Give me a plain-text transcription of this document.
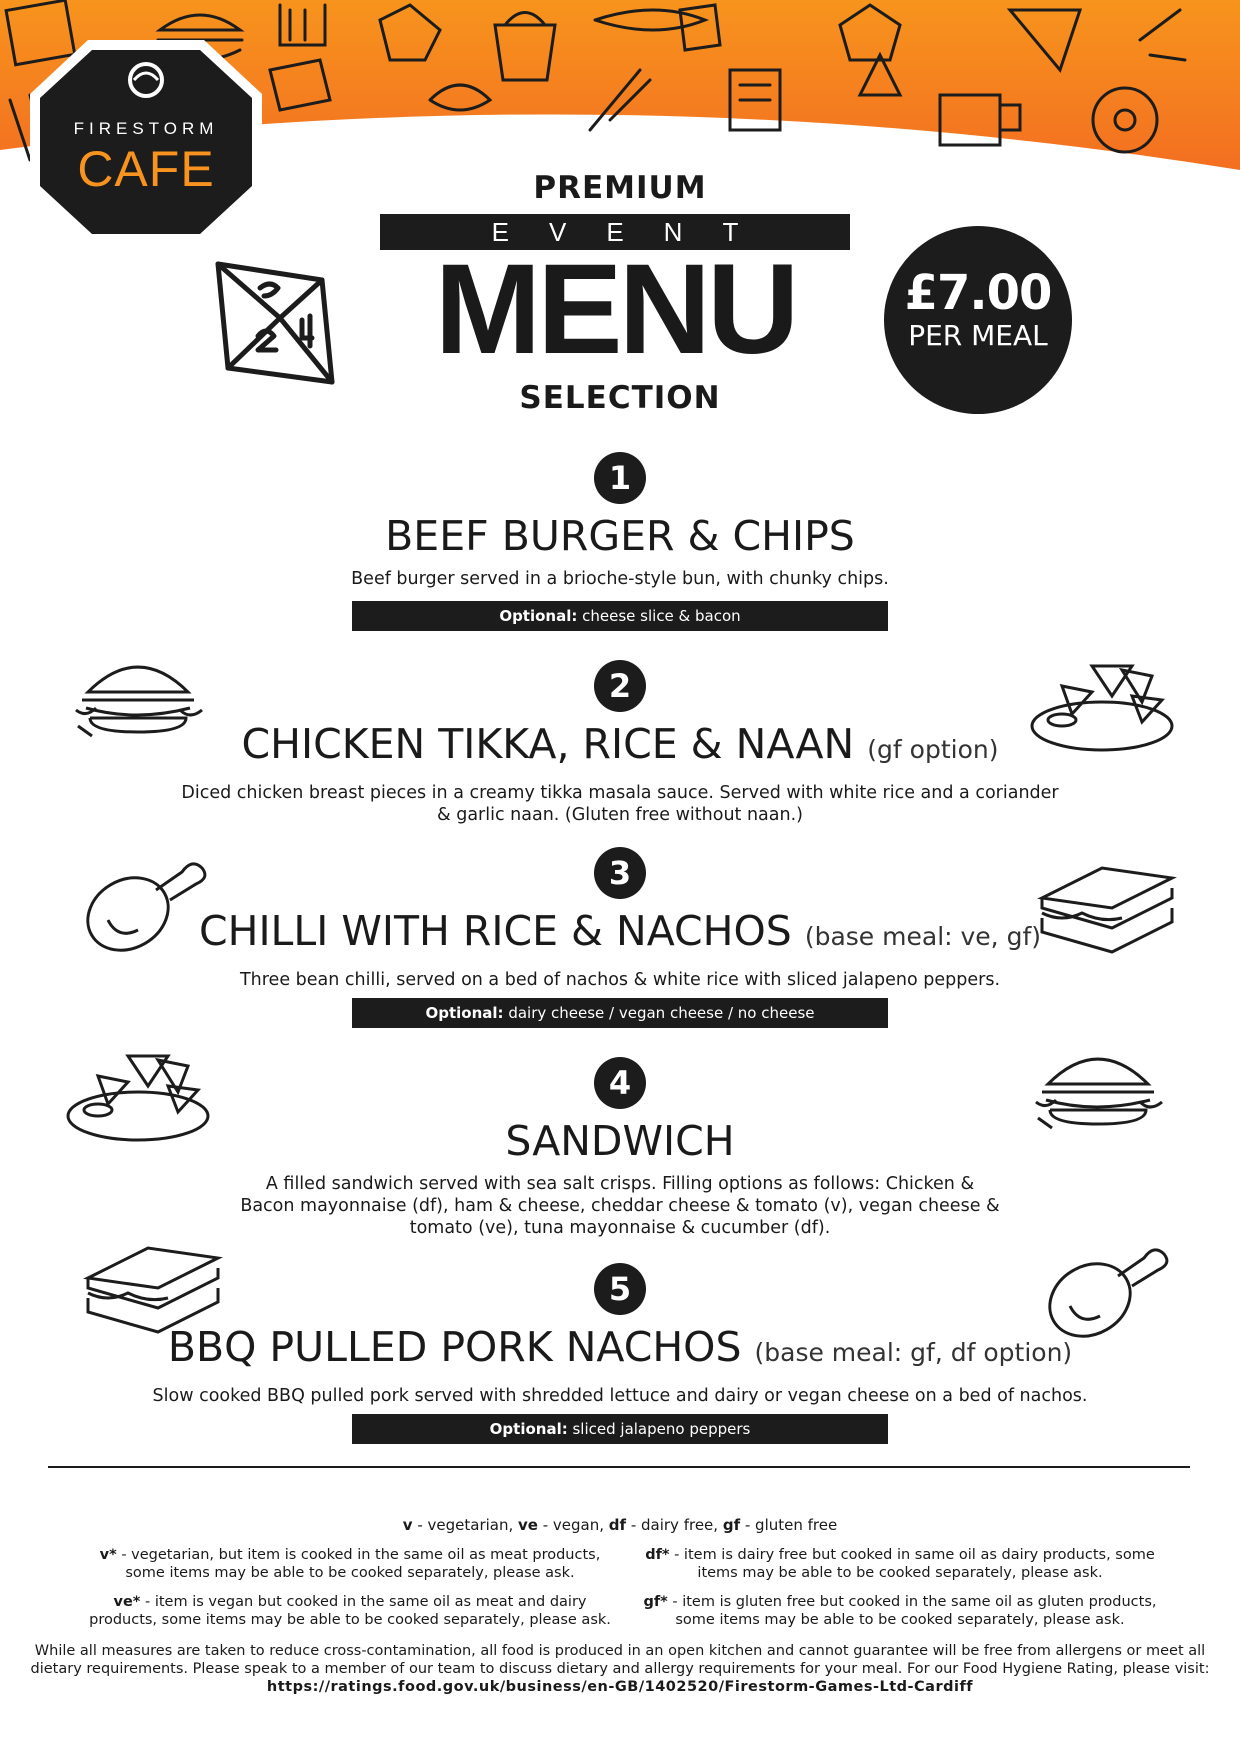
FIRESTORM
CAFE	PREMIUM
EVENT
MENU
SELECTION
£7.00
PER MEAL
1
BEEF BURGER & CHIPS
Beef burger served in a brioche-style bun, with chunky chips.
Optional: cheese slice & bacon
2
CHICKEN TIKKA, RICE & NAAN (gf option)
Diced chicken breast pieces in a creamy tikka masala sauce. Served with white rice and a coriander & garlic naan. (Gluten free without naan.)
3
CHILLI WITH RICE & NACHOS (base meal: ve, gf)
Three bean chilli, served on a bed of nachos & white rice with sliced jalapeno peppers.
Optional: dairy cheese / vegan cheese / no cheese
4
SANDWICH
A filled sandwich served with sea salt crisps. Filling options as follows: Chicken & Bacon mayonnaise (df), ham & cheese, cheddar cheese & tomato (v), vegan cheese & tomato (ve), tuna mayonnaise & cucumber (df).
5
BBQ PULLED PORK NACHOS (base meal: gf, df option)
Slow cooked BBQ pulled pork served with shredded lettuce and dairy or vegan cheese on a bed of nachos.
Optional: sliced jalapeno peppers
v - vegetarian, ve - vegan, df - dairy free, gf - gluten free
v* - vegetarian, but item is cooked in the same oil as meat products, some items may be able to be cooked separately, please ask.
df* - item is dairy free but cooked in same oil as dairy products, some items may be able to be cooked separately, please ask.
ve* - item is vegan but cooked in the same oil as meat and dairy products, some items may be able to be cooked separately, please ask.
gf* - item is gluten free but cooked in the same oil as gluten products, some items may be able to be cooked separately, please ask.
While all measures are taken to reduce cross-contamination, all food is produced in an open kitchen and cannot guarantee will be free from allergens or meet all dietary requirements. Please speak to a member of our team to discuss dietary and allergy requirements for your meal. For our Food Hygiene Rating, please visit:
https://ratings.food.gov.uk/business/en-GB/1402520/Firestorm-Games-Ltd-Cardiff
